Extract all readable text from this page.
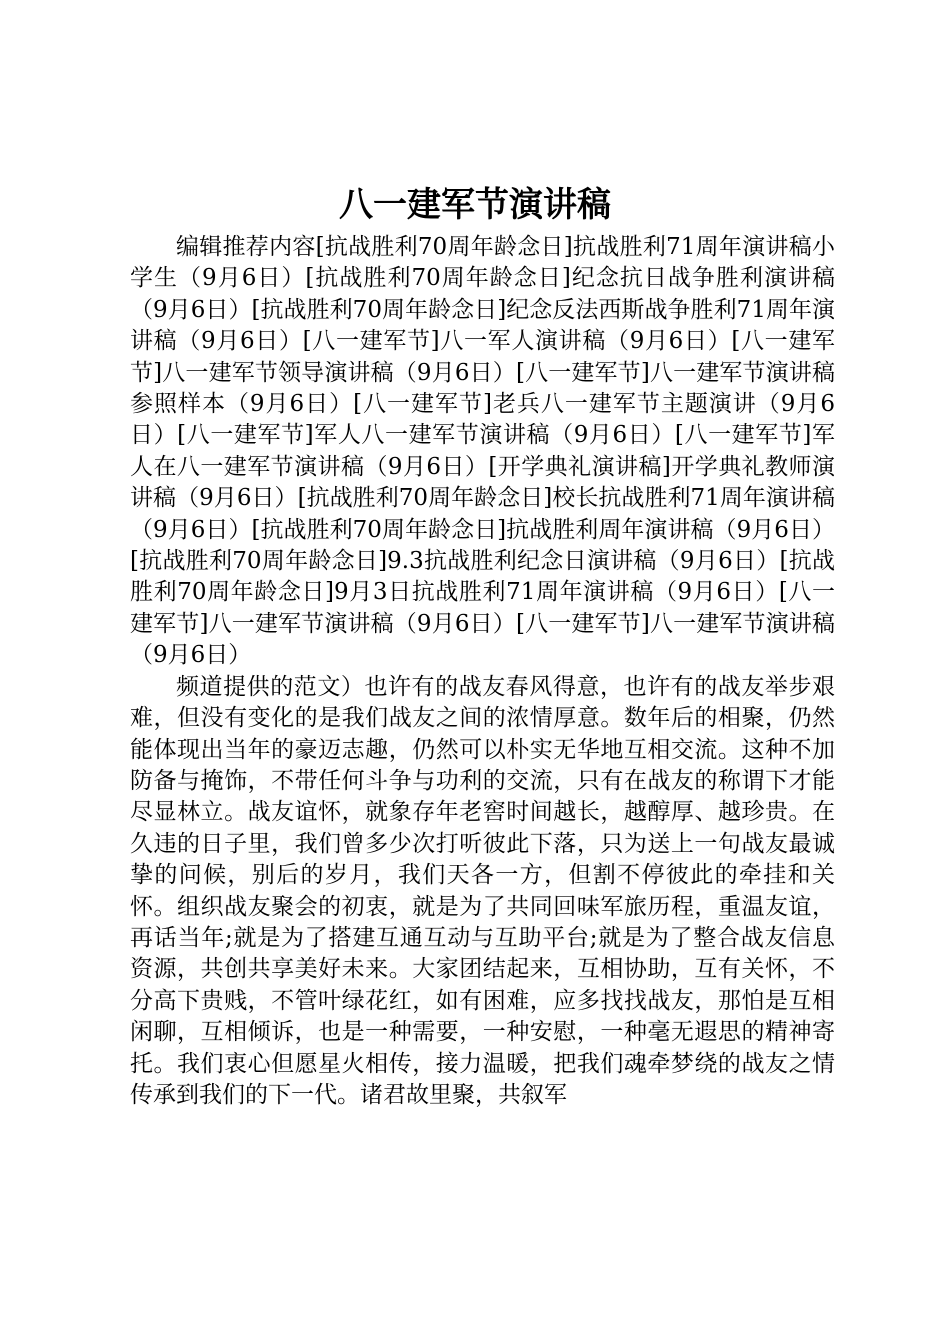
八一建军节演讲稿

编辑推荐内容[抗战胜利70周年龄念日]抗战胜利71周年演讲稿小学生（9月6日）[抗战胜利70周年龄念日]纪念抗日战争胜利演讲稿（9月6日）[抗战胜利70周年龄念日]纪念反法西斯战争胜利71周年演讲稿（9月6日）[八一建军节]八一军人演讲稿（9月6日）[八一建军节]八一建军节领导演讲稿（9月6日）[八一建军节]八一建军节演讲稿参照样本（9月6日）[八一建军节]老兵八一建军节主题演讲（9月6日）[八一建军节]军人八一建军节演讲稿（9月6日）[八一建军节]军人在八一建军节演讲稿（9月6日）[开学典礼演讲稿]开学典礼教师演讲稿（9月6日）[抗战胜利70周年龄念日]校长抗战胜利71周年演讲稿（9月6日）[抗战胜利70周年龄念日]抗战胜利周年演讲稿（9月6日）[抗战胜利70周年龄念日]9.3抗战胜利纪念日演讲稿（9月6日）[抗战胜利70周年龄念日]9月3日抗战胜利71周年演讲稿（9月6日）[八一建军节]八一建军节演讲稿（9月6日）[八一建军节]八一建军节演讲稿（9月6日）

频道提供的范文）也许有的战友春风得意，也许有的战友举步艰难，但没有变化的是我们战友之间的浓情厚意。数年后的相聚，仍然能体现出当年的豪迈志趣，仍然可以朴实无华地互相交流。这种不加防备与掩饰，不带任何斗争与功利的交流，只有在战友的称谓下才能尽显林立。战友谊怀，就象存年老窖时间越长，越醇厚、越珍贵。在久违的日子里，我们曾多少次打听彼此下落，只为送上一句战友最诚挚的问候，别后的岁月，我们天各一方，但割不停彼此的牵挂和关怀。组织战友聚会的初衷，就是为了共同回味军旅历程，重温友谊，再话当年;就是为了搭建互通互动与互助平台;就是为了整合战友信息资源，共创共享美好未来。大家团结起来，互相协助，互有关怀，不分高下贵贱，不管叶绿花红，如有困难，应多找找战友，那怕是互相闲聊，互相倾诉，也是一种需要，一种安慰，一种毫无遐思的精神寄托。我们衷心但愿星火相传，接力温暖，把我们魂牵梦绕的战友之情传承到我们的下一代。诸君故里聚，共叙军
